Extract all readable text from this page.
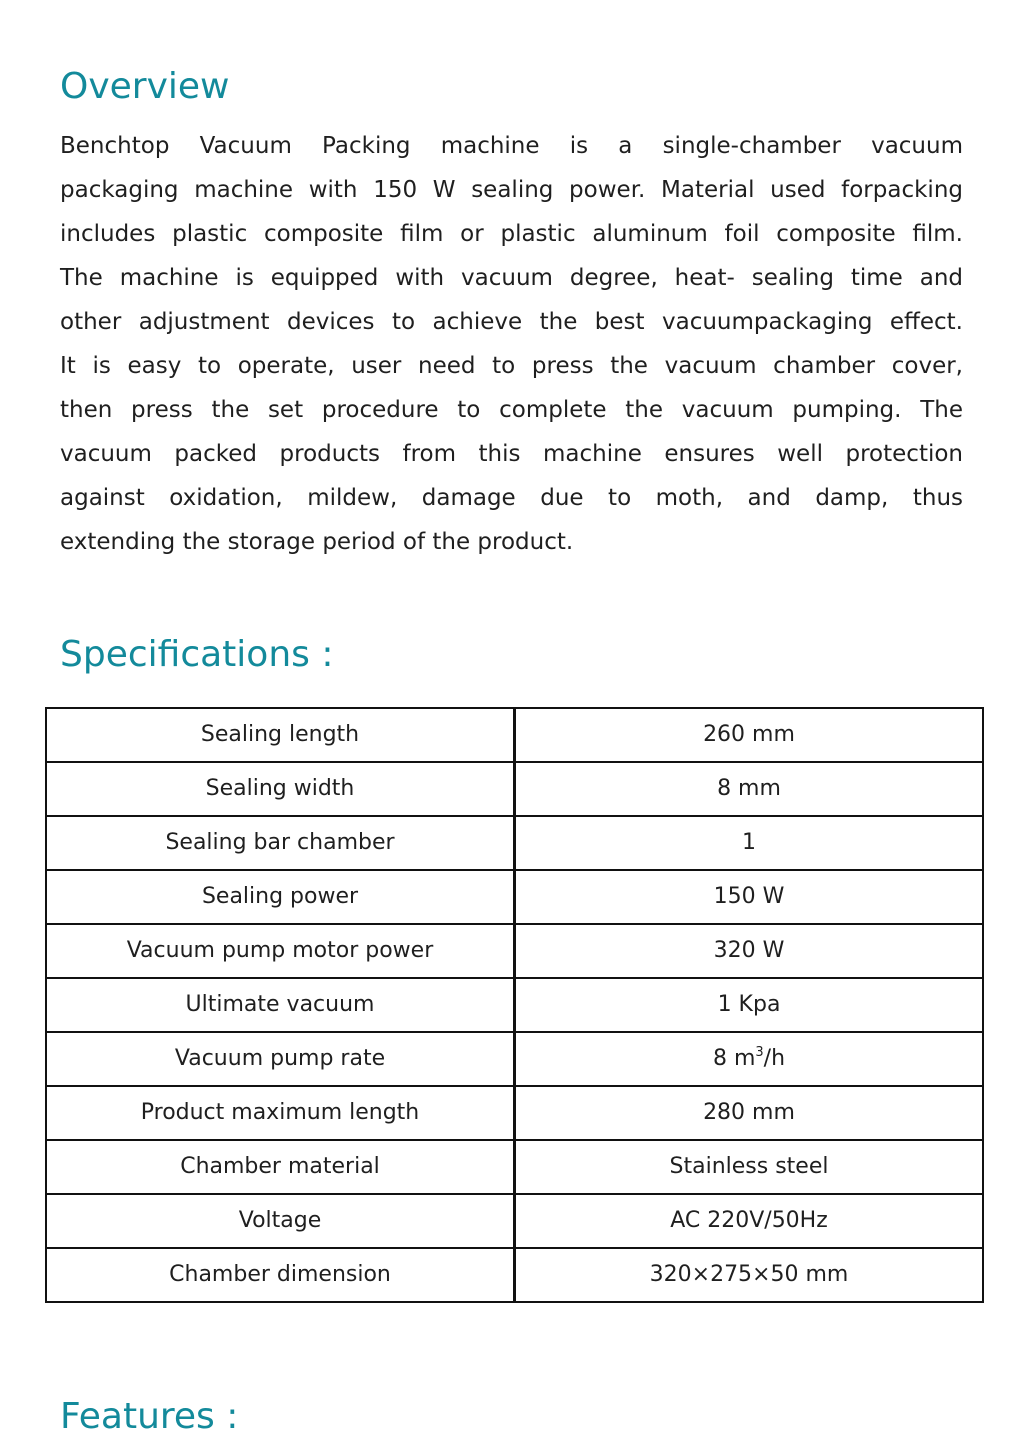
Overview
Benchtop Vacuum Packing machine is a single-chamber vacuum
packaging machine with 150 W sealing power. Material used forpacking
includes plastic composite film or plastic aluminum foil composite film.
The machine is equipped with vacuum degree, heat- sealing time and
other adjustment devices to achieve the best vacuumpackaging effect.
It is easy to operate, user need to press the vacuum chamber cover,
then press the set procedure to complete the vacuum pumping. The
vacuum packed products from this machine ensures well protection
against oxidation, mildew, damage due to moth, and damp, thus
extending the storage period of the product.
Specifications :
Sealing length	260 mm
Sealing width	8 mm
Sealing bar chamber	1
Sealing power	150 W
Vacuum pump motor power	320 W
Ultimate vacuum	1 Kpa
Vacuum pump rate	8 $m^3/h$
Product maximum length	280 mm
Chamber material	Stainless steel
Voltage	AC 220V/50Hz
Chamber dimension	320×275×50 mm
Features :
